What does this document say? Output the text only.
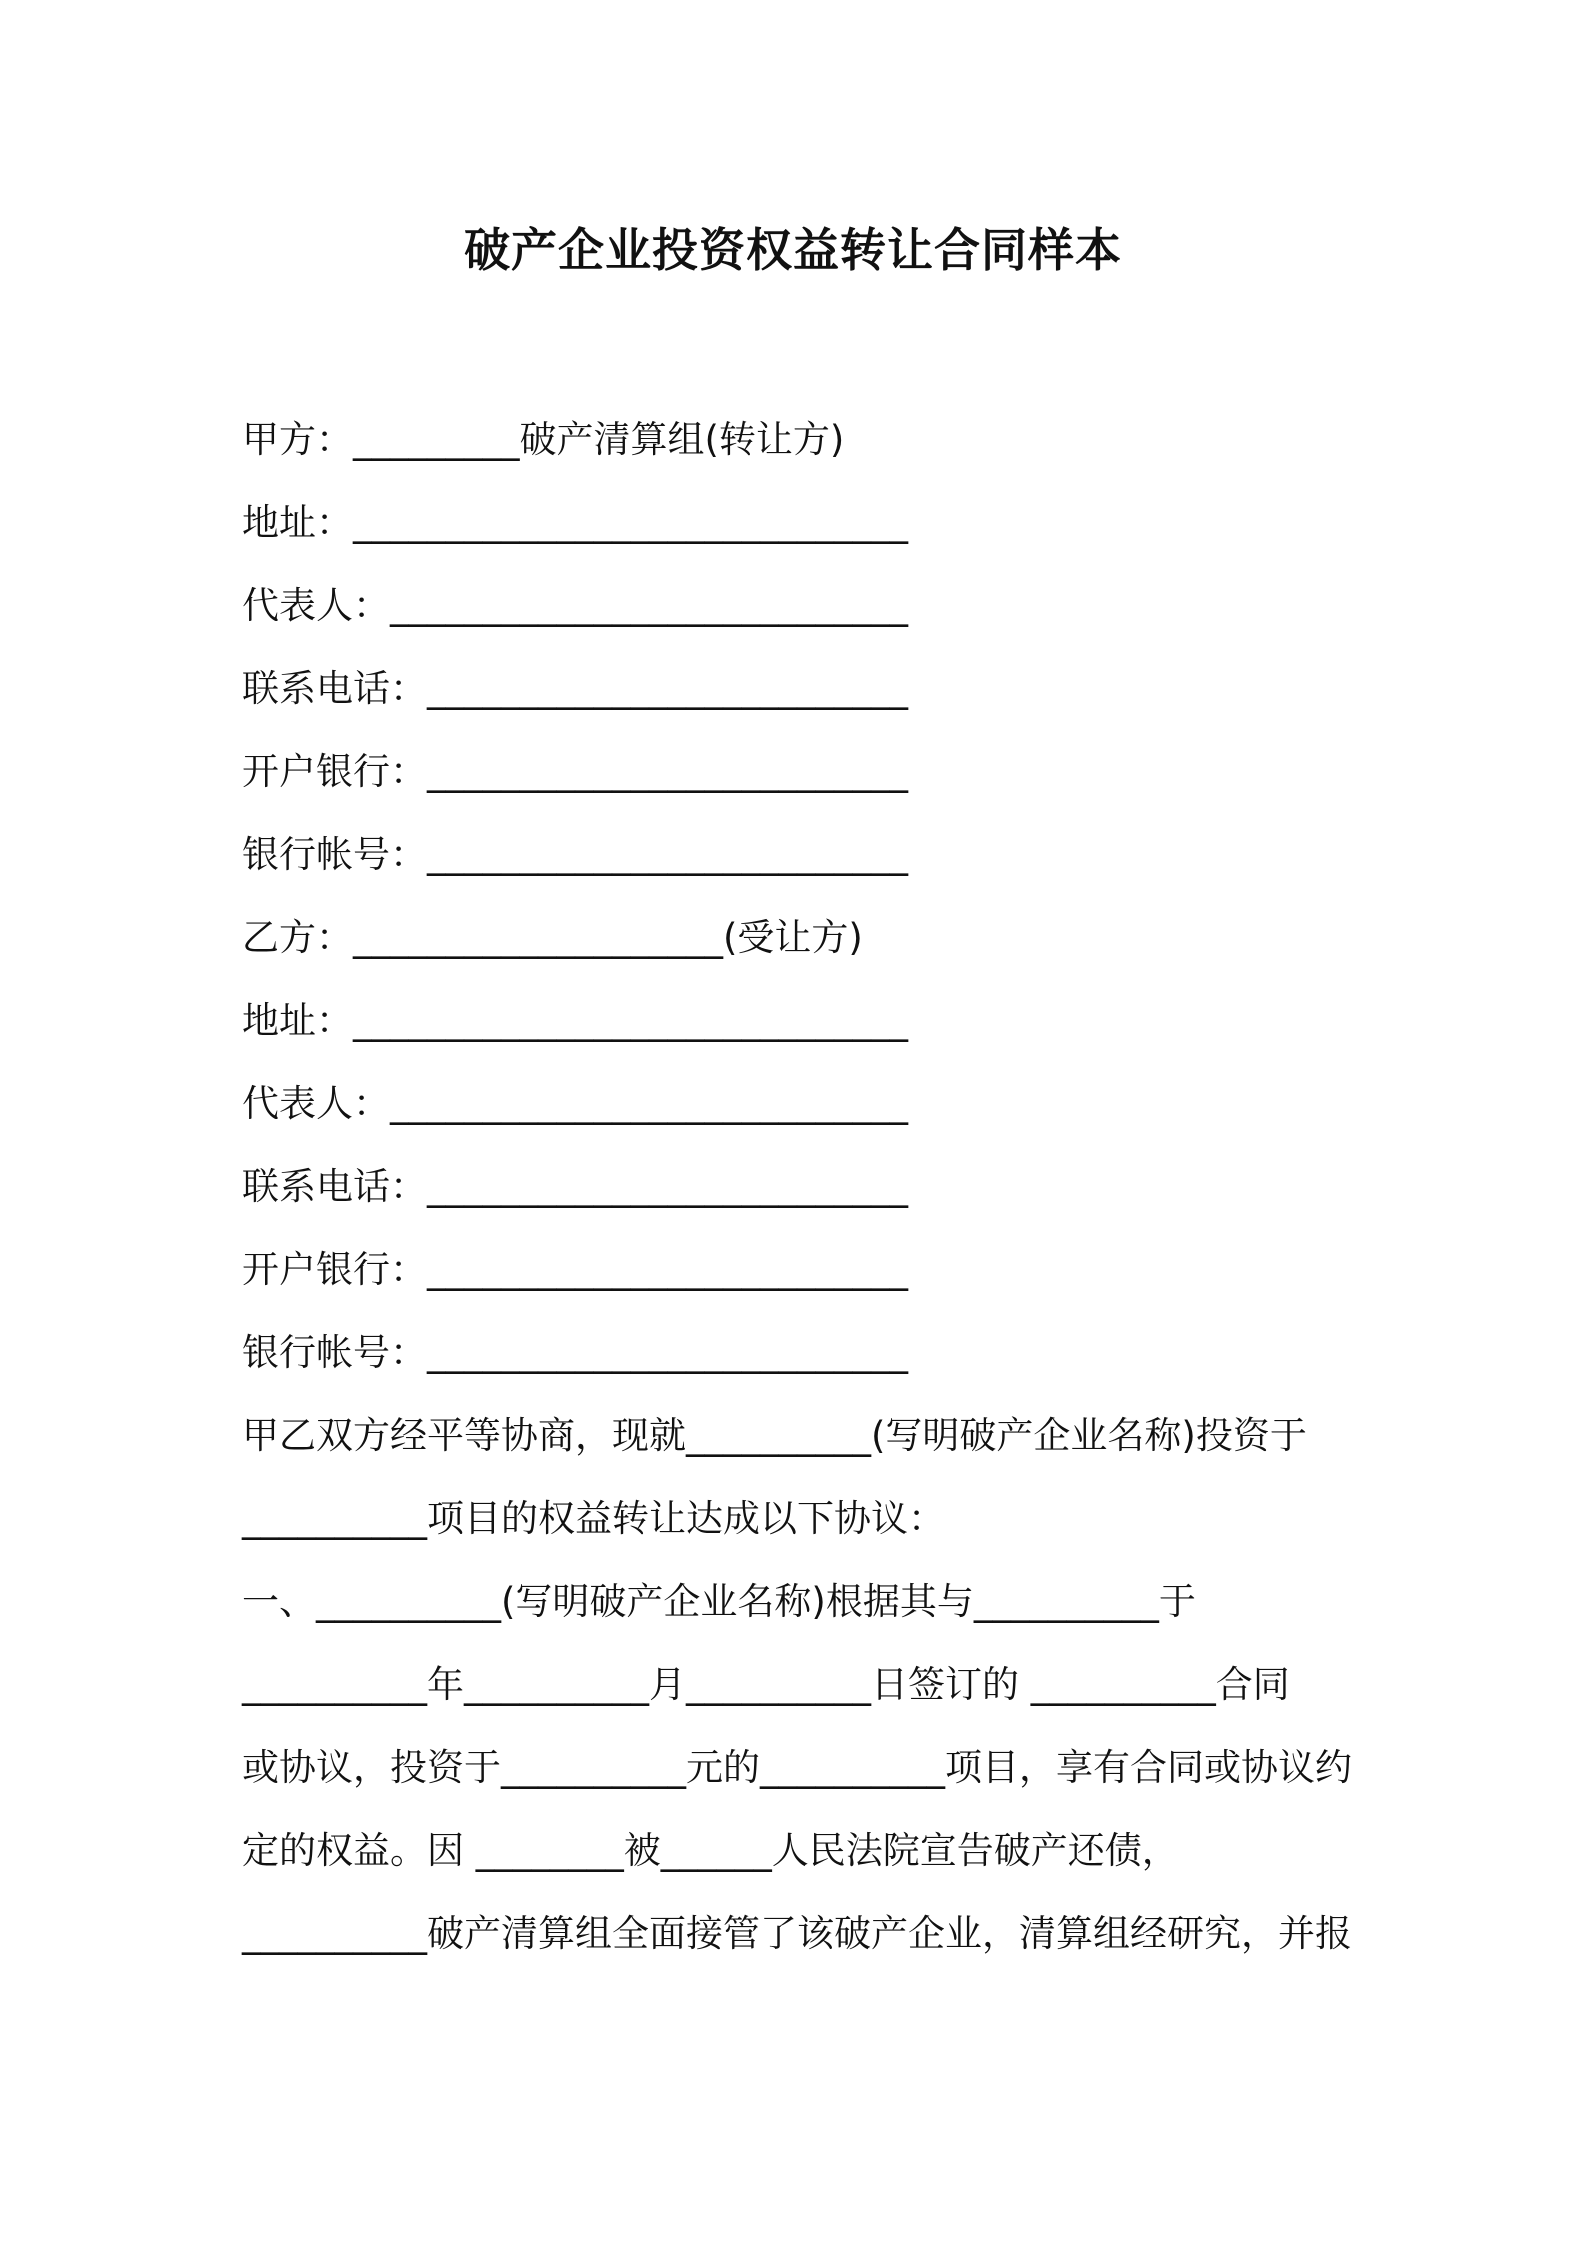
破产企业投资权益转让合同样本
甲方：_________破产清算组(转让方)
地址：______________________________
代表人：____________________________
联系电话：__________________________
开户银行：__________________________
银行帐号：__________________________
乙方：____________________(受让方)
地址：______________________________
代表人：____________________________
联系电话：__________________________
开户银行：__________________________
银行帐号：__________________________
甲乙双方经平等协商，现就__________(写明破产企业名称)投资于
__________项目的权益转让达成以下协议：
一、__________(写明破产企业名称)根据其与__________于
__________年__________月__________日签订的 __________合同
或协议，投资于__________元的__________项目，享有合同或协议约
定的权益。因 ________被______人民法院宣告破产还债，
__________破产清算组全面接管了该破产企业，清算组经研究，并报
